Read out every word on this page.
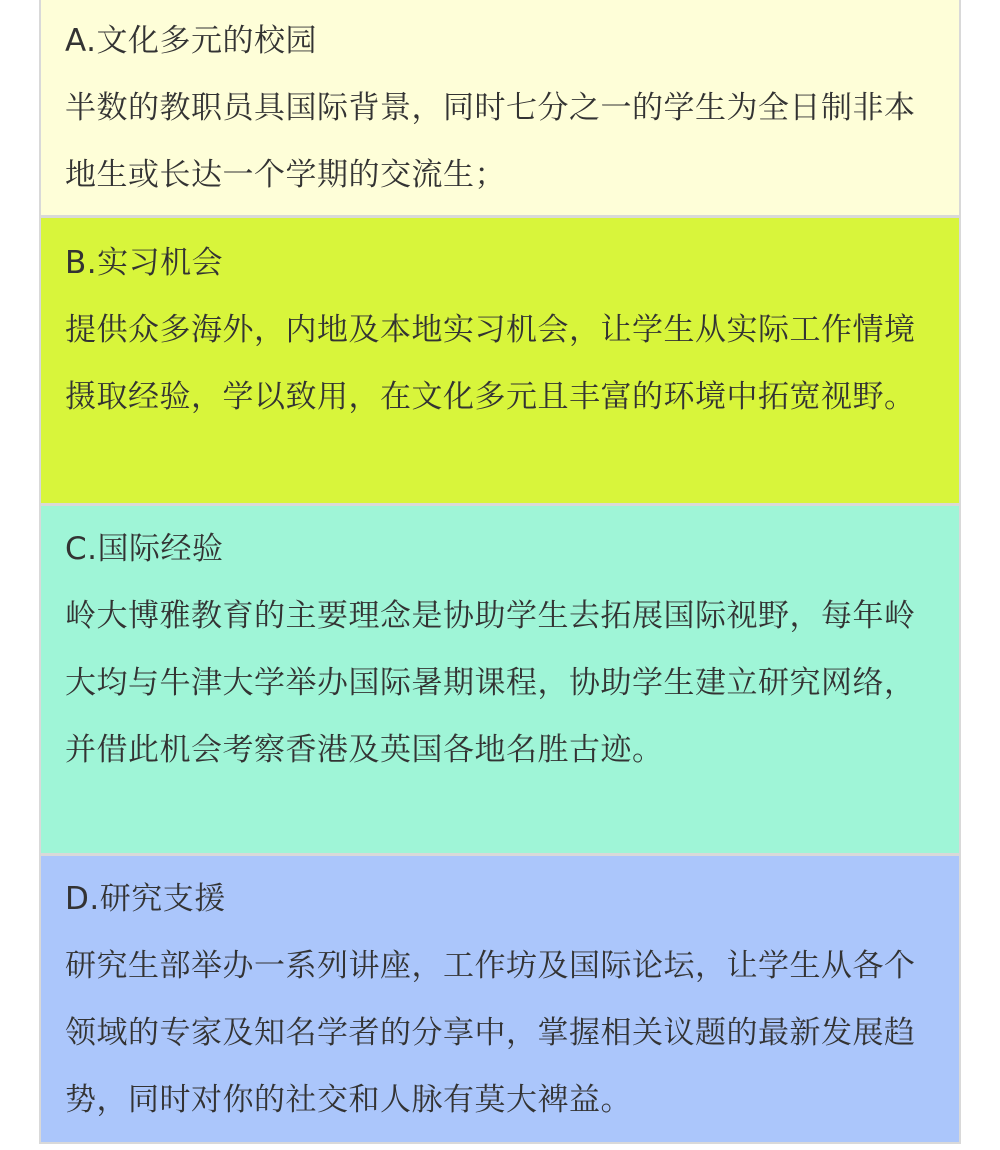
A.文化多元的校园
半数的教职员具国际背景，同时七分之一的学生为全日制非本地生或长达一个学期的交流生；
B.实习机会
提供众多海外，内地及本地实习机会，让学生从实际工作情境摄取经验，学以致用，在文化多元且丰富的环境中拓宽视野。
C.国际经验
岭大博雅教育的主要理念是协助学生去拓展国际视野，每年岭大均与牛津大学举办国际暑期课程，协助学生建立研究网络，并借此机会考察香港及英国各地名胜古迹。
D.研究支援
研究生部举办一系列讲座，工作坊及国际论坛，让学生从各个领域的专家及知名学者的分享中，掌握相关议题的最新发展趋势，同时对你的社交和人脉有莫大裨益。
